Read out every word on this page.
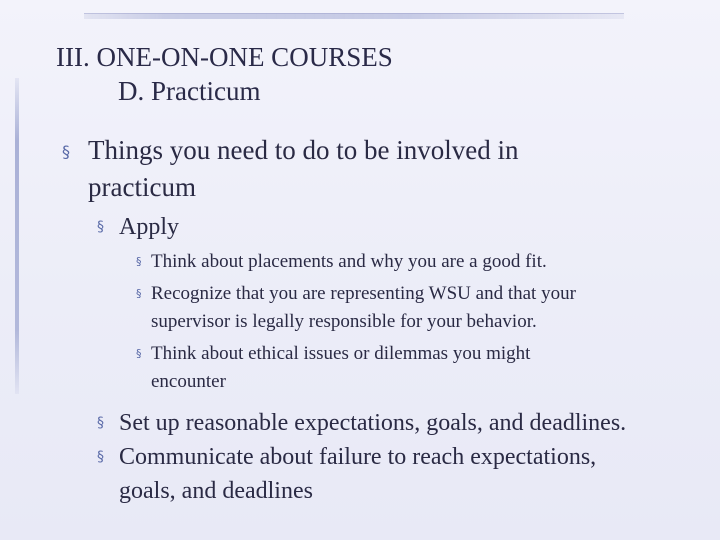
III. ONE-ON-ONE COURSES
D. Practicum
§ Things you need to do to be involved in
practicum
§ Apply
§ Think about placements and why you are a good fit.
§ Recognize that you are representing WSU and that your
supervisor is legally responsible for your behavior.
§ Think about ethical issues or dilemmas you might
encounter
§ Set up reasonable expectations, goals, and deadlines.
§ Communicate about failure to reach expectations,
goals, and deadlines
